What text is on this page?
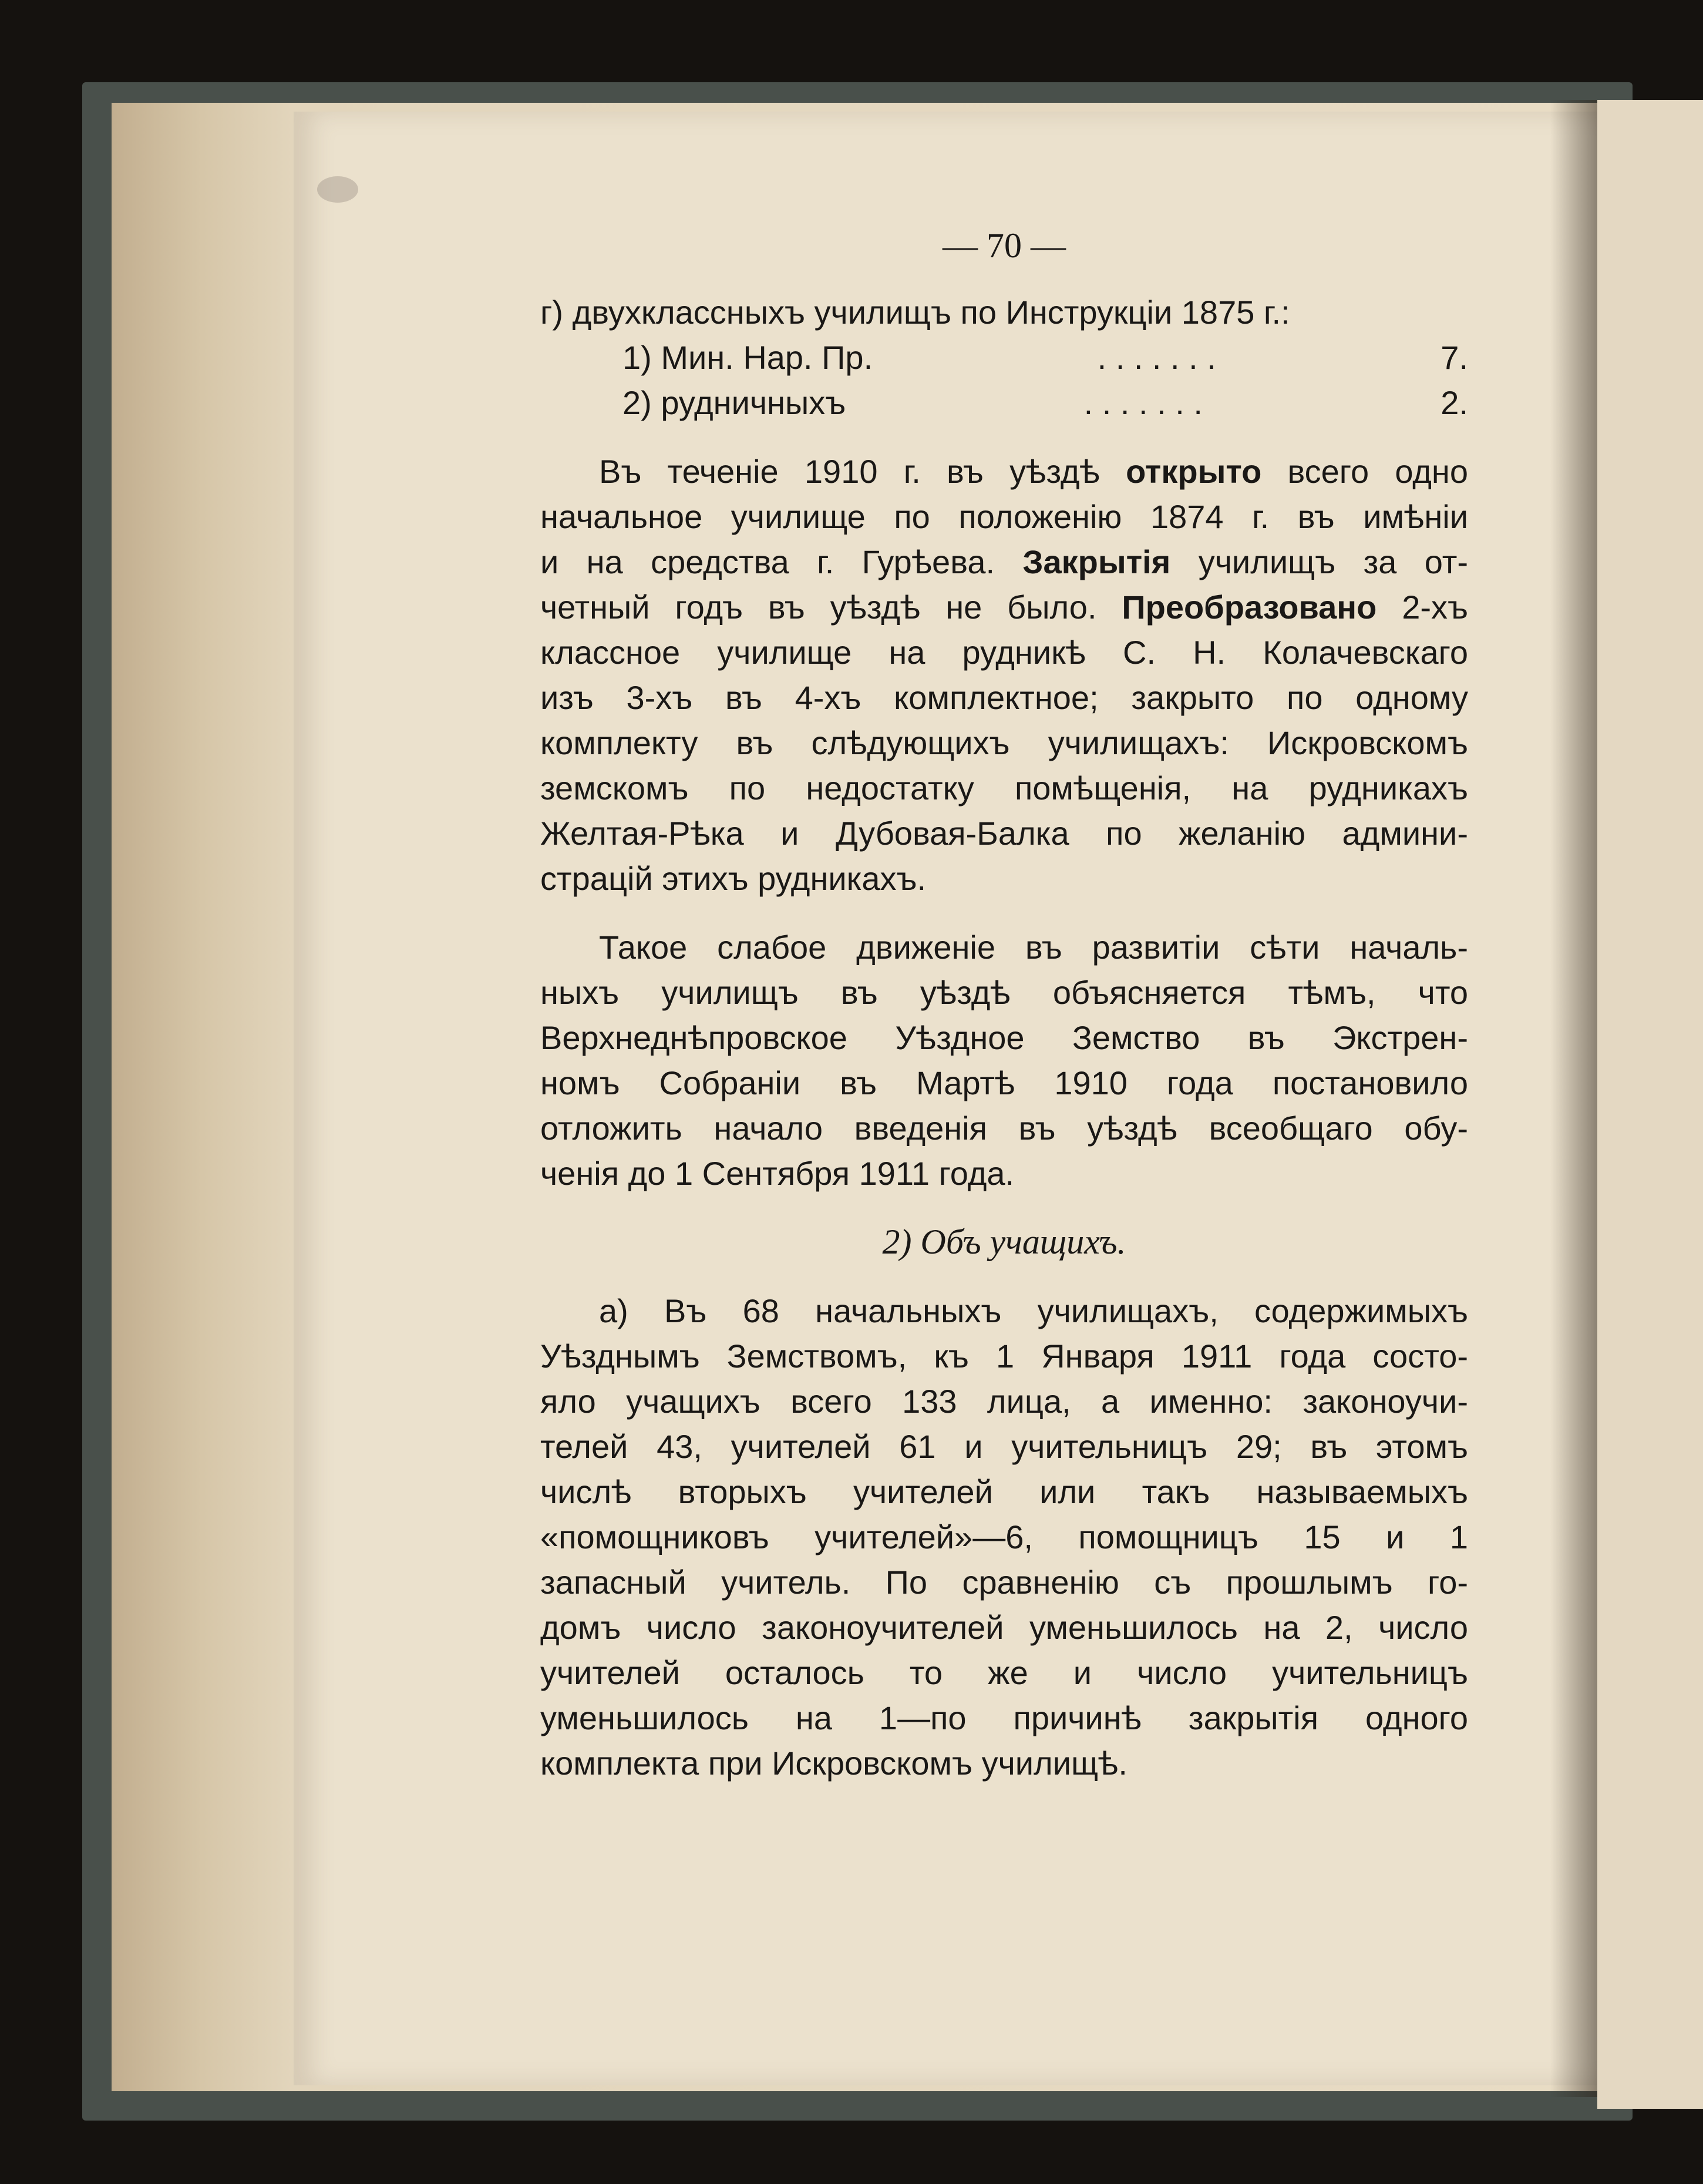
— 70 —
г) двухклассныхъ училищъ по Инструкціи 1875 г.:
1) Мин. Нар. Пр.	. . . . . . .	7.
2) рудничныхъ	. . . . . . .	2.
Въ теченіе 1910 г. въ уѣздѣ открыто всего одно
начальное училище по положенію 1874 г. въ имѣніи
и на средства г. Гурѣева. Закрытія училищъ за от-
четный годъ въ уѣздѣ не было. Преобразовано 2-хъ
классное училище на рудникѣ С. Н. Колачевскаго
изъ 3-хъ въ 4-хъ комплектное; закрыто по одному
комплекту въ слѣдующихъ училищахъ: Искровскомъ
земскомъ по недостатку помѣщенія, на рудникахъ
Желтая-Рѣка и Дубовая-Балка по желанію админи-
страцій этихъ рудникахъ.
Такое слабое движеніе въ развитіи сѣти началь-
ныхъ училищъ въ уѣздѣ объясняется тѣмъ, что
Верхнеднѣпровское Уѣздное Земство въ Экстрен-
номъ Собраніи въ Мартѣ 1910 года постановило
отложить начало введенія въ уѣздѣ всеобщаго обу-
ченія до 1 Сентября 1911 года.
2) Объ учащихъ.
а) Въ 68 начальныхъ училищахъ, содержимыхъ
Уѣзднымъ Земствомъ, къ 1 Января 1911 года состо-
яло учащихъ всего 133 лица, а именно: законоучи-
телей 43, учителей 61 и учительницъ 29; въ этомъ
числѣ вторыхъ учителей или такъ называемыхъ
«помощниковъ учителей»—6, помощницъ 15 и 1
запасный учитель. По сравненію съ прошлымъ го-
домъ число законоучителей уменьшилось на 2, число
учителей осталось то же и число учительницъ
уменьшилось на 1—по причинѣ закрытія одного
комплекта при Искровскомъ училищѣ.
